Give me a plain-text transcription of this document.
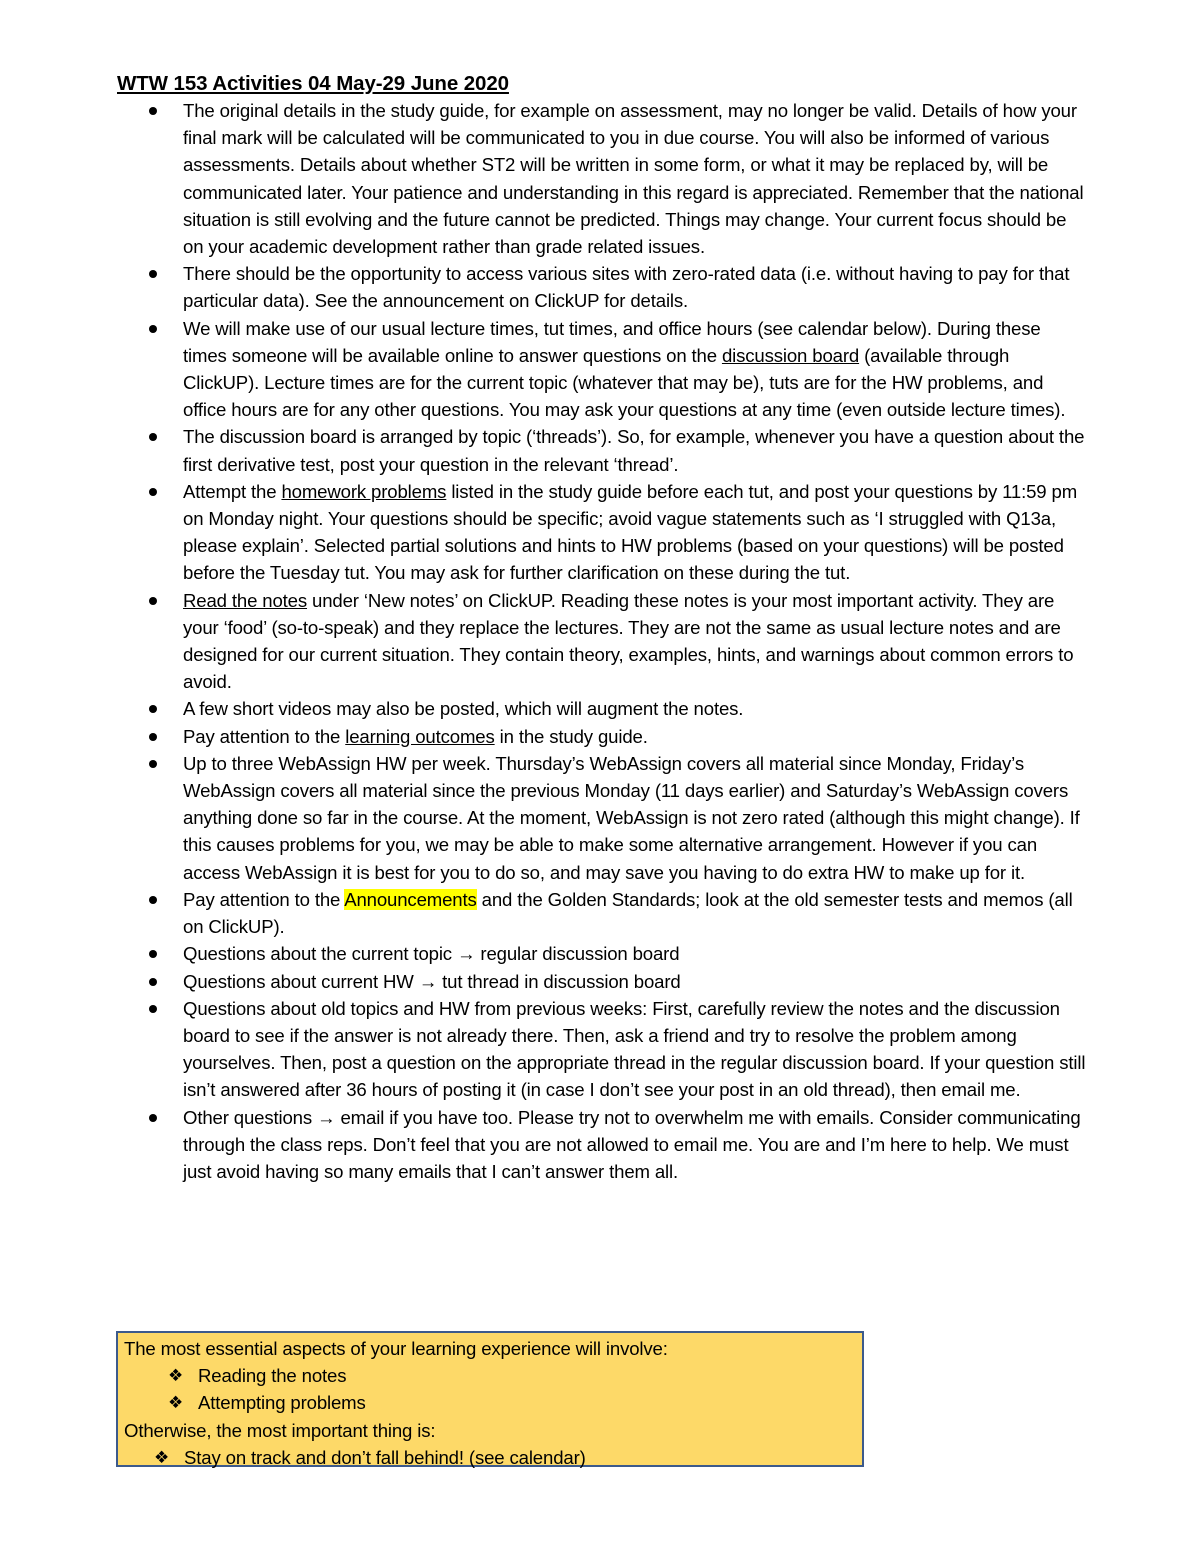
WTW 153 Activities 04 May-29 June 2020

The original details in the study guide, for example on assessment, may no longer be valid. Details of how your final mark will be calculated will be communicated to you in due course. You will also be informed of various assessments. Details about whether ST2 will be written in some form, or what it may be replaced by, will be communicated later. Your patience and understanding in this regard is appreciated. Remember that the national situation is still evolving and the future cannot be predicted. Things may change. Your current focus should be on your academic development rather than grade related issues.
There should be the opportunity to access various sites with zero-rated data (i.e. without having to pay for that particular data). See the announcement on ClickUP for details.
We will make use of our usual lecture times, tut times, and office hours (see calendar below). During these times someone will be available online to answer questions on the discussion board (available through ClickUP). Lecture times are for the current topic (whatever that may be), tuts are for the HW problems, and office hours are for any other questions. You may ask your questions at any time (even outside lecture times).
The discussion board is arranged by topic (‘threads’). So, for example, whenever you have a question about the first derivative test, post your question in the relevant ‘thread’.
Attempt the homework problems listed in the study guide before each tut, and post your questions by 11:59 pm on Monday night. Your questions should be specific; avoid vague statements such as ‘I struggled with Q13a, please explain’. Selected partial solutions and hints to HW problems (based on your questions) will be posted before the Tuesday tut. You may ask for further clarification on these during the tut.
Read the notes under ‘New notes’ on ClickUP. Reading these notes is your most important activity. They are your ‘food’ (so-to-speak) and they replace the lectures. They are not the same as usual lecture notes and are designed for our current situation. They contain theory, examples, hints, and warnings about common errors to avoid.
A few short videos may also be posted, which will augment the notes.
Pay attention to the learning outcomes in the study guide.
Up to three WebAssign HW per week. Thursday’s WebAssign covers all material since Monday, Friday’s WebAssign covers all material since the previous Monday (11 days earlier) and Saturday’s WebAssign covers anything done so far in the course. At the moment, WebAssign is not zero rated (although this might change). If this causes problems for you, we may be able to make some alternative arrangement. However if you can access WebAssign it is best for you to do so, and may save you having to do extra HW to make up for it.
Pay attention to the Announcements and the Golden Standards; look at the old semester tests and memos (all on ClickUP).
Questions about the current topic → regular discussion board
Questions about current HW → tut thread in discussion board
Questions about old topics and HW from previous weeks: First, carefully review the notes and the discussion board to see if the answer is not already there. Then, ask a friend and try to resolve the problem among yourselves. Then, post a question on the appropriate thread in the regular discussion board. If your question still isn’t answered after 36 hours of posting it (in case I don’t see your post in an old thread), then email me.
Other questions → email if you have too. Please try not to overwhelm me with emails. Consider communicating through the class reps. Don’t feel that you are not allowed to email me. You are and I’m here to help. We must just avoid having so many emails that I can’t answer them all.
The most essential aspects of your learning experience will involve:
❖ Reading the notes
❖ Attempting problems
Otherwise, the most important thing is:
❖ Stay on track and don’t fall behind! (see calendar)
